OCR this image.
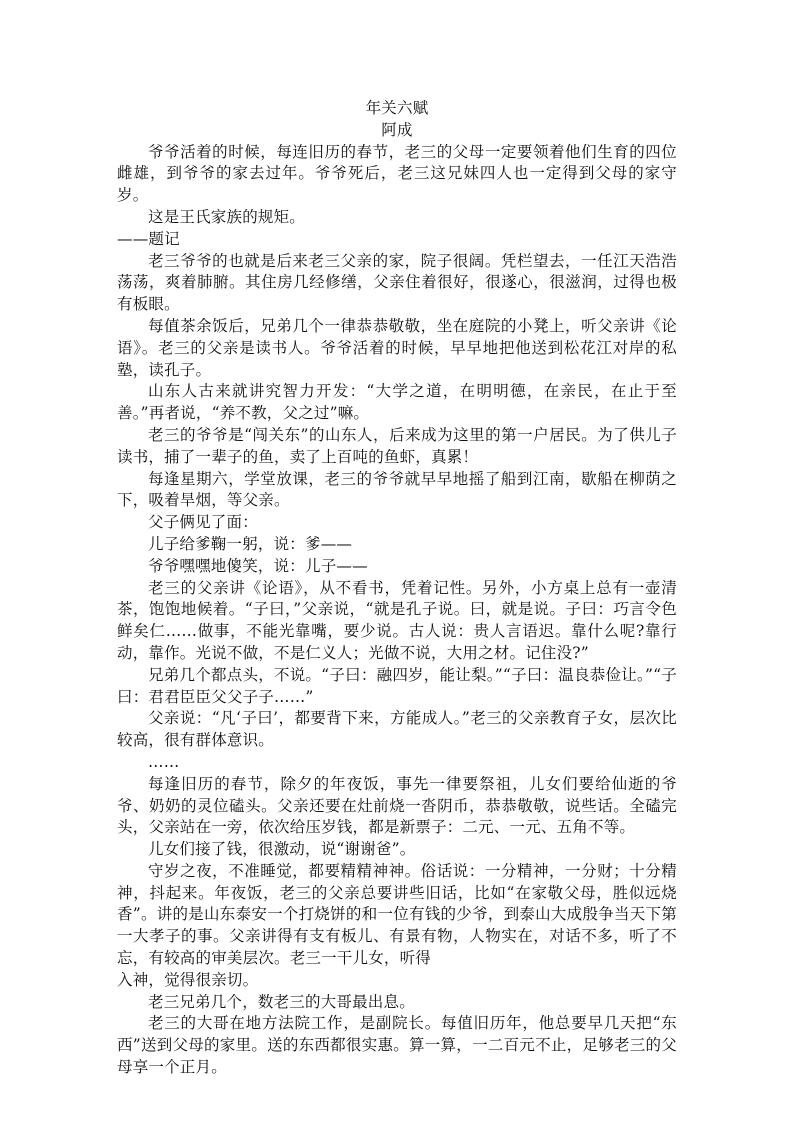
年关六赋

阿成

爷爷活着的时候，每连旧历的春节，老三的父母一定要领着他们生育的四位雌雄，到爷爷的家去过年。爷爷死后，老三这兄妹四人也一定得到父母的家守岁。

这是王氏家族的规矩。

——题记

老三爷爷的也就是后来老三父亲的家，院子很阔。凭栏望去，一任江天浩浩荡荡，爽着肺腑。其住房几经修缮，父亲住着很好，很遂心，很滋润，过得也极有板眼。

每值茶余饭后，兄弟几个一律恭恭敬敬，坐在庭院的小凳上，听父亲讲《论语》。老三的父亲是读书人。爷爷活着的时候，早早地把他送到松花江对岸的私塾，读孔子。

山东人古来就讲究智力开发：“大学之道，在明明德，在亲民，在止于至善。”再者说，“养不教，父之过”嘛。

老三的爷爷是“闯关东”的山东人，后来成为这里的第一户居民。为了供儿子读书，捕了一辈子的鱼，卖了上百吨的鱼虾，真累！

每逢星期六，学堂放课，老三的爷爷就早早地摇了船到江南，歇船在柳荫之下，吸着旱烟，等父亲。

父子俩见了面：

儿子给爹鞠一躬，说：爹——

爷爷嘿嘿地傻笑，说：儿子——

老三的父亲讲《论语》，从不看书，凭着记性。另外，小方桌上总有一壶清茶，饱饱地候着。“子曰，”父亲说，“就是孔子说。曰，就是说。子曰：巧言令色鲜矣仁……做事，不能光靠嘴，要少说。古人说：贵人言语迟。靠什么呢?靠行动，靠作。光说不做，不是仁义人；光做不说，大用之材。记住没?”

兄弟几个都点头，不说。“子曰：融四岁，能让梨。”“子曰：温良恭俭让。”“子曰：君君臣臣父父子子……”

父亲说：“凡‘子曰’，都要背下来，方能成人。”老三的父亲教育子女，层次比较高，很有群体意识。

……

每逢旧历的春节，除夕的年夜饭，事先一律要祭祖，儿女们要给仙逝的爷爷、奶奶的灵位磕头。父亲还要在灶前烧一沓阴币，恭恭敬敬，说些话。全磕完头，父亲站在一旁，依次给压岁钱，都是新票子：二元、一元、五角不等。

儿女们接了钱，很激动，说“谢谢爸”。

守岁之夜，不准睡觉，都要精精神神。俗话说：一分精神，一分财；十分精神，抖起来。年夜饭，老三的父亲总要讲些旧话，比如“在家敬父母，胜似远烧香”。讲的是山东泰安一个打烧饼的和一位有钱的少爷，到泰山大成殷争当天下第一大孝子的事。父亲讲得有支有板儿、有景有物，人物实在，对话不多，听了不忘，有较高的审美层次。老三一干儿女，听得

入神，觉得很亲切。

老三兄弟几个，数老三的大哥最出息。

老三的大哥在地方法院工作，是副院长。每值旧历年，他总要早几天把“东西”送到父母的家里。送的东西都很实惠。算一算，一二百元不止，足够老三的父母享一个正月。
